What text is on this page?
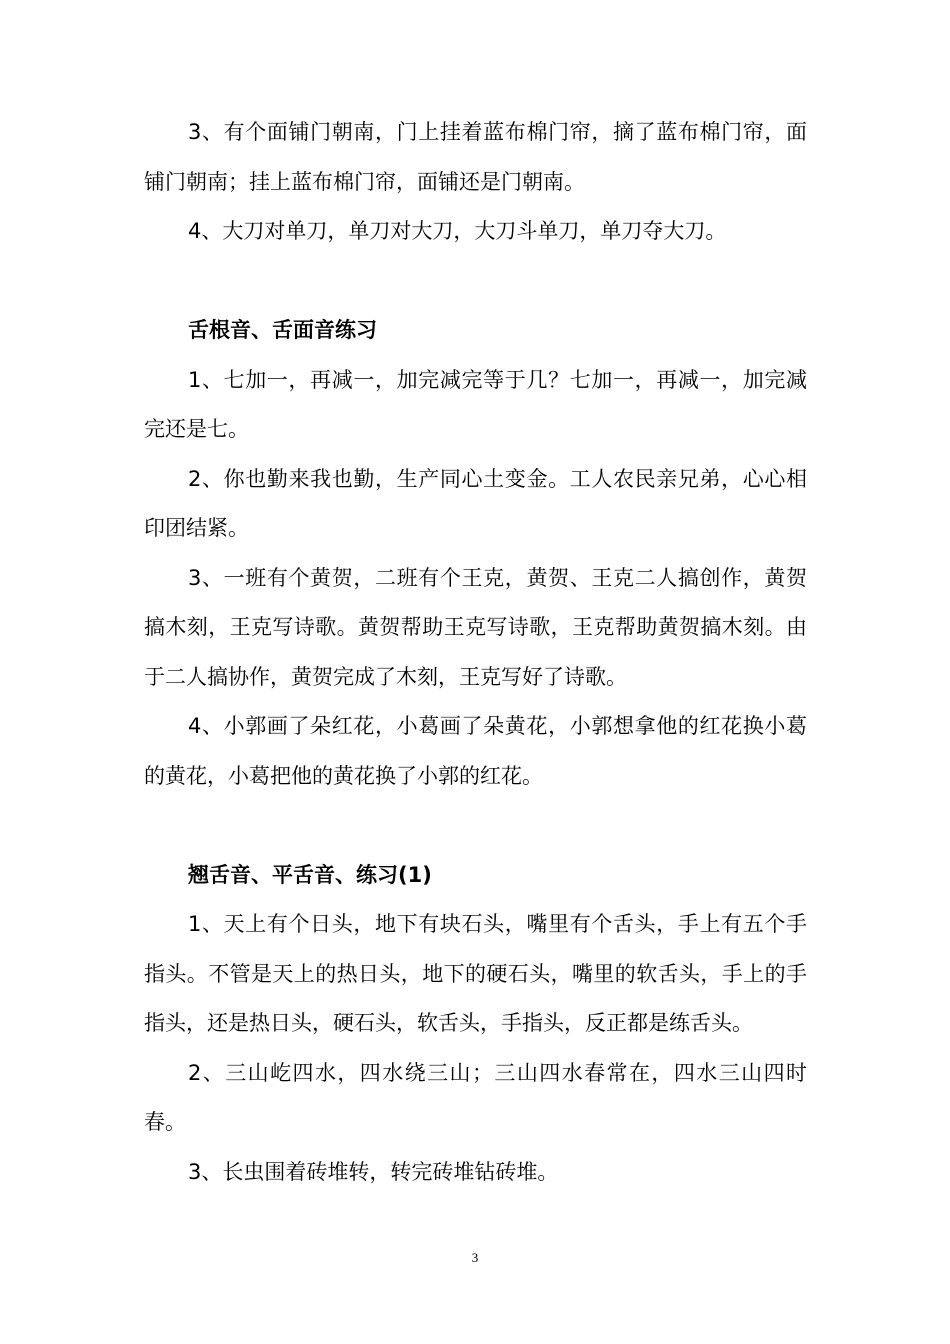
3、有个面铺门朝南，门上挂着蓝布棉门帘，摘了蓝布棉门帘，面铺门朝南；挂上蓝布棉门帘，面铺还是门朝南。

4、大刀对单刀，单刀对大刀，大刀斗单刀，单刀夺大刀。

舌根音、舌面音练习

1、七加一，再减一，加完减完等于几？七加一，再减一，加完减完还是七。

2、你也勤来我也勤，生产同心土变金。工人农民亲兄弟，心心相印团结紧。

3、一班有个黄贺，二班有个王克，黄贺、王克二人搞创作，黄贺搞木刻，王克写诗歌。黄贺帮助王克写诗歌，王克帮助黄贺搞木刻。由于二人搞协作，黄贺完成了木刻，王克写好了诗歌。

4、小郭画了朵红花，小葛画了朵黄花，小郭想拿他的红花换小葛的黄花，小葛把他的黄花换了小郭的红花。

翘舌音、平舌音、练习(1)

1、天上有个日头，地下有块石头，嘴里有个舌头，手上有五个手指头。不管是天上的热日头，地下的硬石头，嘴里的软舌头，手上的手指头，还是热日头，硬石头，软舌头，手指头，反正都是练舌头。

2、三山屹四水，四水绕三山；三山四水春常在，四水三山四时春。

3、长虫围着砖堆转，转完砖堆钻砖堆。

3
